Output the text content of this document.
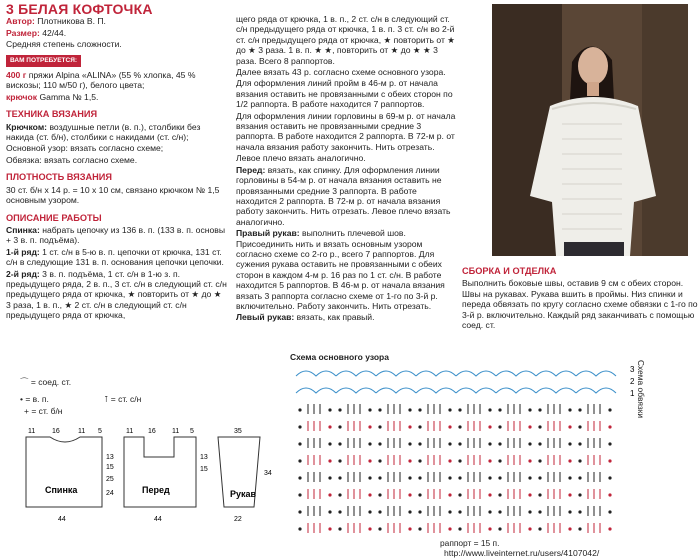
3 БЕЛАЯ КОФТОЧКА

Автор: Плотникова В. П.

Размер: 42/44.

Средняя степень сложности.

ВАМ ПОТРЕБУЕТСЯ:

400 г пряжи Alpina «ALINA» (55 % хлопка, 45 % вискозы; 110 м/50 г), белого цвета;

крючок Gamma № 1,5.

ТЕХНИКА ВЯЗАНИЯ

Крючком: воздушные петли (в. п.), столбики без накида (ст. б/н), столбики с накидами (ст. с/н);

Основной узор: вязать согласно схеме;

Обвязка: вязать согласно схеме.

ПЛОТНОСТЬ ВЯЗАНИЯ

30 ст. б/н х 14 р. = 10 х 10 см, связано крючком № 1,5 основным узором.

ОПИСАНИЕ РАБОТЫ

Спинка: набрать цепочку из 136 в. п. (133 в. п. основы + 3 в. п. подъёма).

1-й ряд: 1 ст. с/н в 5-ю в. п. цепочки от крючка, 131 ст. с/н в следующие 131 в. п. основания цепочки цепочки.

2-й ряд: 3 в. п. подъёма, 1 ст. с/н в 1-ю з. п. предыдущего ряда, 2 в. п., 3 ст. с/н в следующий ст. с/н предыдущего ряда от крючка, ★ повторить от ★ до ★ 3 раза, 1 в. п., ★ 2 ст. с/н в следующий ст. с/н предыдущего ряда от крючка,

щего ряда от крючка, 1 в. п., 2 ст. с/н в следующий ст. с/н предыдущего ряда от крючка, 1 в. п. 3 ст. с/н во 2-й ст. с/н предыдущего ряда от крючка, ★ повторить от ★ до ★ 3 раза. 1 в. п. ★ ★, повторить от ★ до ★ ★ 3 раза. Всего 8 раппортов.

Далее вязать 43 р. согласно схеме основного узора.

Для оформления линий пройм в 46-м р. от начала вязания оставить не провязанными с обеих сторон по 1/2 раппорта. В работе находится 7 раппортов.

Для оформления линии горловины в 69-м р. от начала вязания оставить не провязанными средние 3 раппорта. В работе находится 2 раппорта. В 72-м р. от начала вязания работу закончить. Нить отрезать.

Левое плечо вязать аналогично.

Перед: вязать, как спинку. Для оформления линии горловины в 54-м р. от начала вязания оставить не провязанными средние 3 раппорта. В работе находится 2 раппорта. В 72-м р. от начала вязания работу закончить. Нить отрезать. Левое плечо вязать аналогично.

Правый рукав: выполнить плечевой шов. Присоединить нить и вязать основным узором согласно схеме со 2-го р., всего 7 раппортов. Для сужения рукава оставить не провязанными с обеих сторон в каждом 4-м р. 16 раз по 1 ст. с/н. В работе находится 5 раппортов. В 46-м р. от начала вязания вязать 3 раппорта согласно схеме от 1-го по 3-й р. включительно. Работу закончить. Нить отрезать.

Левый рукав: вязать, как правый.

СБОРКА И ОТДЕЛКА

Выполнить боковые швы, оставив 9 см с обеих сторон. Швы на рукавах. Рукава вшить в проймы. Низ спинки и переда обвязать по кругу согласно схеме обвязки с 1-го по 3-й р. включительно. Каждый ряд заканчивать с помощью соед. ст.

⌒ = соед. ст.
• = в. п.
+ = ст. б/н
⊺ = ст. с/н
Спинка	Перед	Рукав
11 16	11 5
44
13
15
25
24
11 16 11 5
44
13
15
35
22
34
Схема основного узора
Схема обвязки
3
2
1
раппорт = 15 п.
http://www.liveinternet.ru/users/4107042/
